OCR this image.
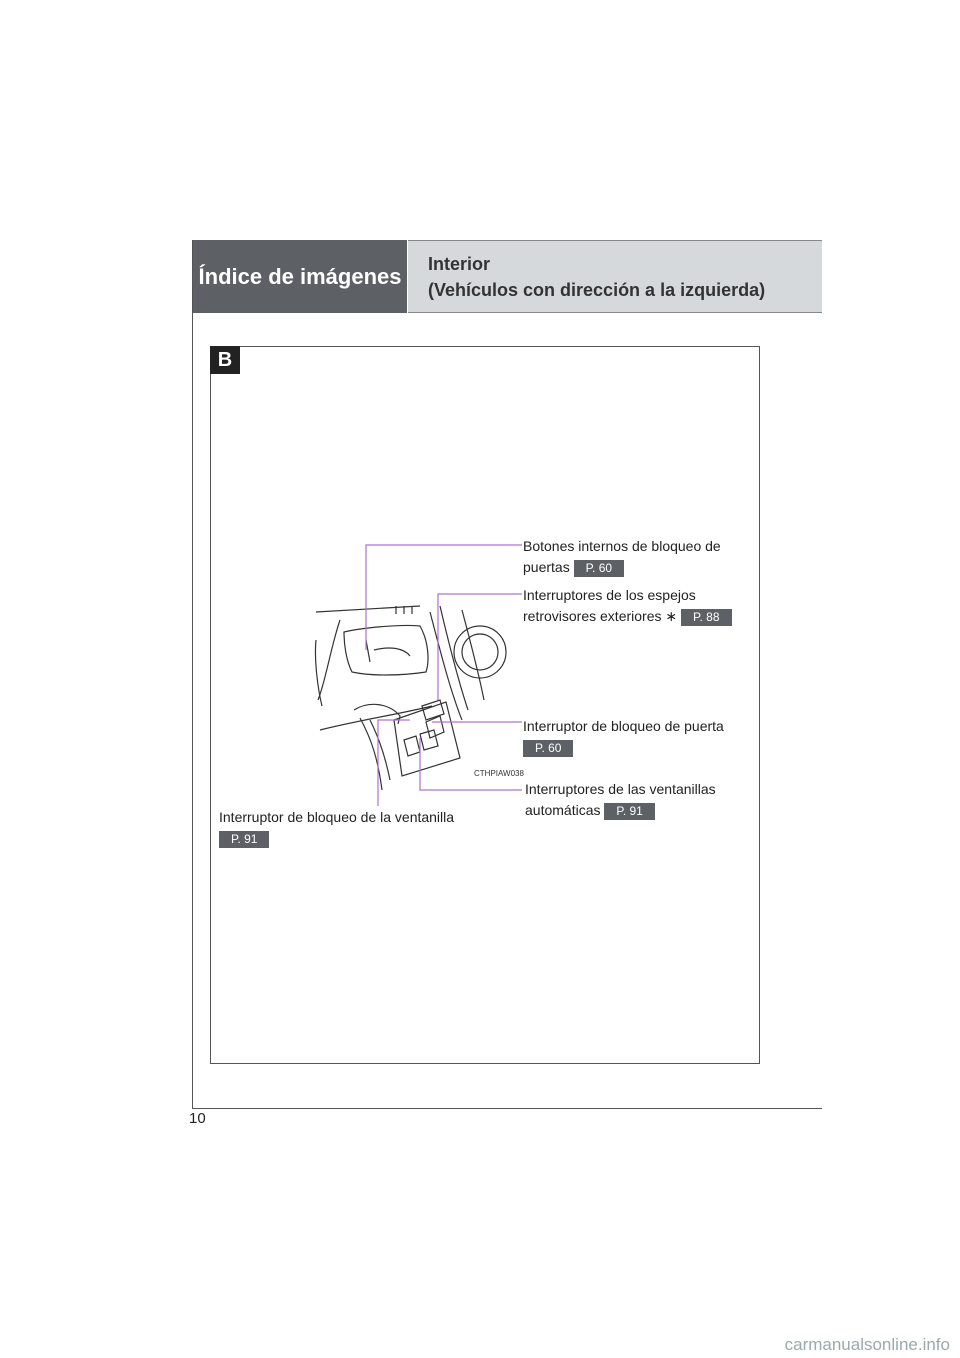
Índice de imágenes Interior
(Vehículos con dirección a la izquierda)
B
CTHPIAW038
Botones internos de bloqueo de
puertas P. 60
Interruptores de los espejos
retrovisores exteriores ∗ P. 88
Interruptor de bloqueo de puerta
P. 60
Interruptores de las ventanillas
automáticas P. 91
Interruptor de bloqueo de la ventanilla
P. 91
10
carmanualsonline.info
